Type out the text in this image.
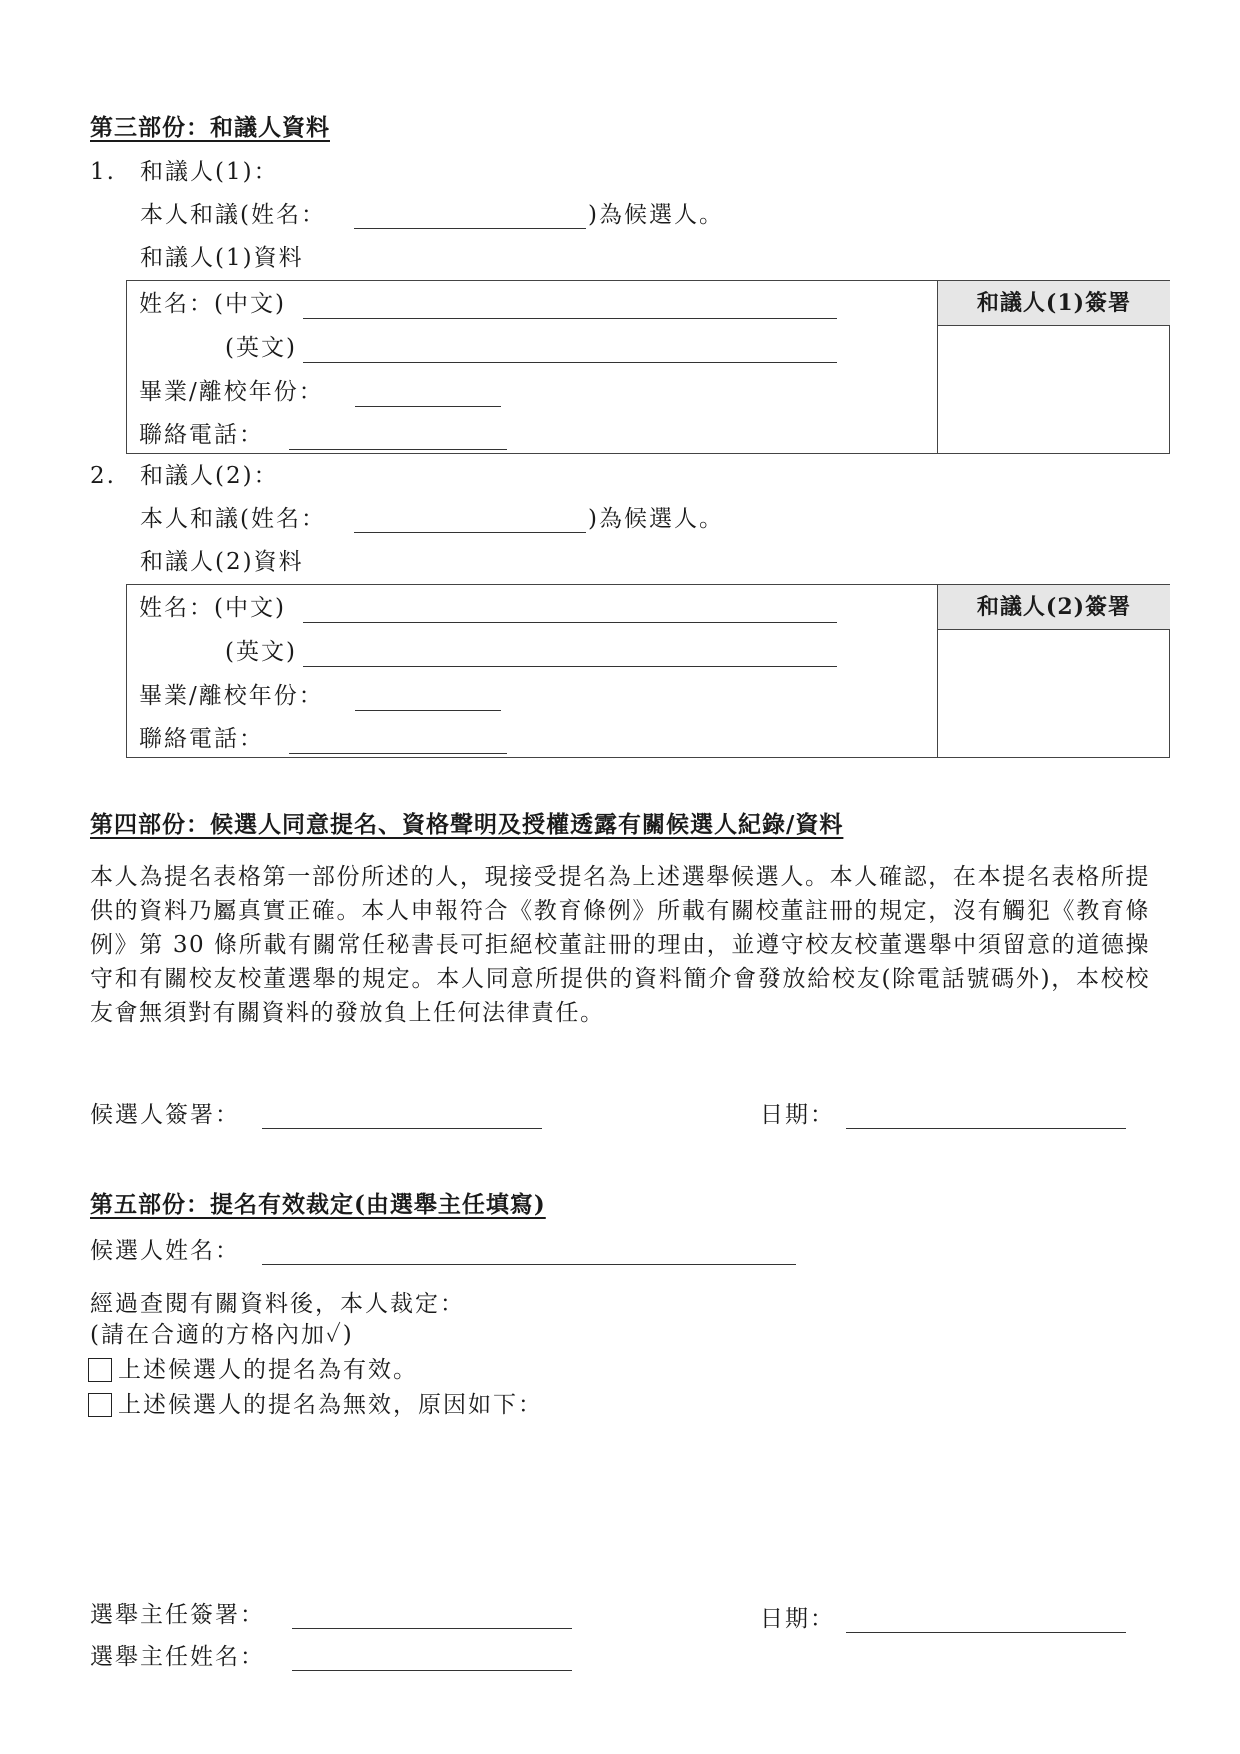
第三部份：和議人資料
1. 和議人(1)：
本人和議(姓名：	)為候選人。
和議人(1)資料
姓名：(中文)
(英文)
畢業/離校年份：
聯絡電話：
和議人(1)簽署
2. 和議人(2)：
本人和議(姓名：	)為候選人。
和議人(2)資料
姓名：(中文)
(英文)
畢業/離校年份：
聯絡電話：
和議人(2)簽署
第四部份：候選人同意提名、資格聲明及授權透露有關候選人紀錄/資料
本人為提名表格第一部份所述的人，現接受提名為上述選舉候選人。本人確認，在本提名表格所提供的資料乃屬真實正確。本人申報符合《教育條例》所載有關校董註冊的規定，沒有觸犯《教育條例》第 30 條所載有關常任秘書長可拒絕校董註冊的理由，並遵守校友校董選舉中須留意的道德操守和有關校友校董選舉的規定。本人同意所提供的資料簡介會發放給校友(除電話號碼外)，本校校友會無須對有關資料的發放負上任何法律責任。
候選人簽署：	日期：
第五部份：提名有效裁定(由選舉主任填寫)
候選人姓名：
經過查閱有關資料後，本人裁定：
(請在合適的方格內加✓)
上述候選人的提名為有效。
上述候選人的提名為無效，原因如下：
選舉主任簽署：	日期：
選舉主任姓名：
